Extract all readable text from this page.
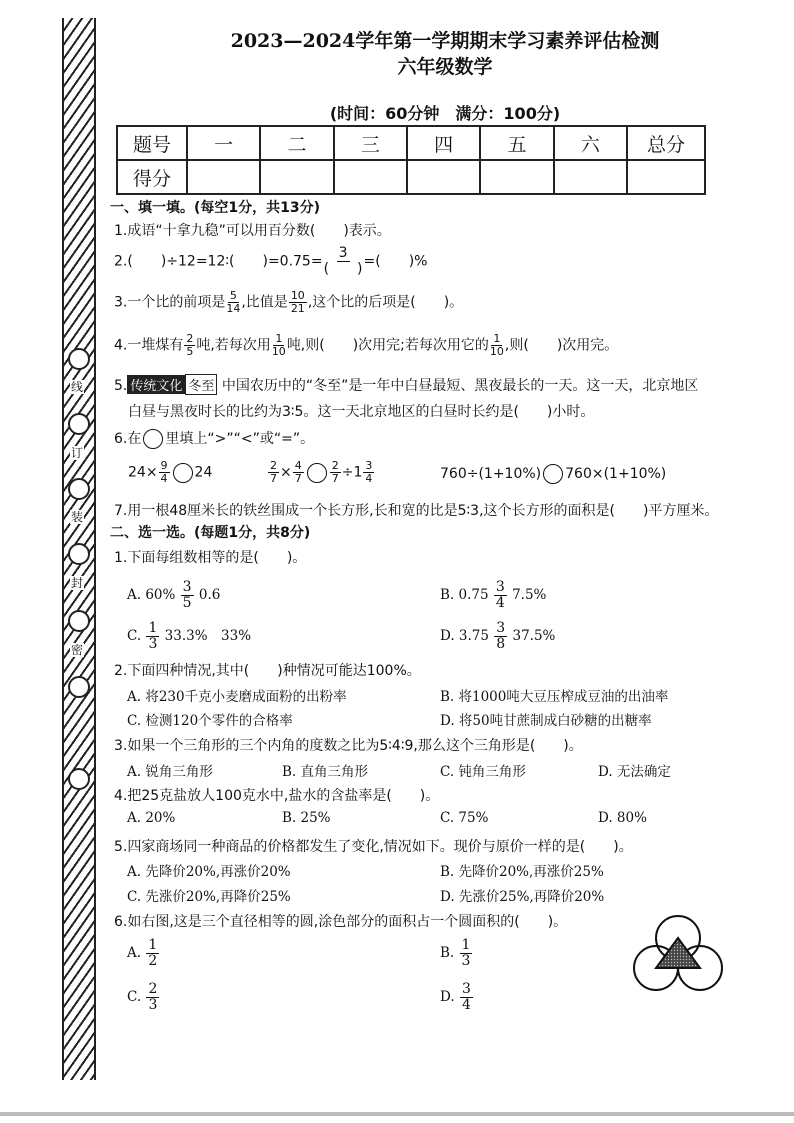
线
订
装
封
密
2023—2024学年第一学期期末学习素养评估检测
六年级数学
(时间：60分钟　满分：100分)
题号	一	二	三	四	五	六	总分
得分							
一、填一填。(每空1分，共13分)
1.成语“十拿九稳”可以用百分数(　　)表示。
2.(　　)÷12=12∶(　　)$=0.75= \frac{3}{( )}$ =(　　)%
3.一个比的前项是 $\frac{5}{14}$ ,比值是 $\frac{10}{21}$ ,这个比的后项是(　　)。
4.一堆煤有 $\frac{2}{5}$ 吨,若每次用 $\frac{1}{10}$ 吨,则(　　)次用完;若每次用它的 $\frac{1}{10}$ ,则(　　)次用完。
5. 传统文化 冬至 中国农历中的“冬至”是一年中白昼最短、黑夜最长的一天。这一天，北京地区
白昼与黑夜时长的比约为3∶5。这一天北京地区的白昼时长约是(　　)小时。
6.在 里填上“>”“<”或“=”。
$24\times \frac{9}{4} 24$	$\frac{2}{7} \times \frac{4}{7} \frac{2}{7} \div 1 \frac{3}{4}$	760÷(1+10%) 760×(1+10%)
7.用一根48厘米长的铁丝围成一个长方形,长和宽的比是5∶3,这个长方形的面积是(　　)平方厘米。
二、选一选。(每题1分，共8分)
1.下面每组数相等的是(　　)。
A. $60\% \frac{3}{5} 0.6$	B. $0.75 \frac{3}{4} 7.5\%$
C. $\frac{1}{3} 33.3\%$　33%	D. $3.75 \frac{3}{8} 37.5\%$
2.下面四种情况,其中(　　)种情况可能达100%。
A. 将230千克小麦磨成面粉的出粉率	B. 将1000吨大豆压榨成豆油的出油率
C. 检测120个零件的合格率	D. 将50吨甘蔗制成白砂糖的出糖率
3.如果一个三角形的三个内角的度数之比为5∶4∶9,那么这个三角形是(　　)。
A. 锐角三角形	B. 直角三角形	C. 钝角三角形	D. 无法确定
4.把25克盐放人100克水中,盐水的含盐率是(　　)。
A. 20%	B. 25%	C. 75%	D. 80%
5.四家商场同一种商品的价格都发生了变化,情况如下。现价与原价一样的是(　　)。
A. 先降价20%,再涨价20%	B. 先降价20%,再涨价25%
C. 先涨价20%,再降价25%	D. 先涨价25%,再降价20%
6.如右图,这是三个直径相等的圆,涂色部分的面积占一个圆面积的(　　)。
A. $\frac{1}{2}$	B. $\frac{1}{3}$
C. $\frac{2}{3}$	D. $\frac{3}{4}$
